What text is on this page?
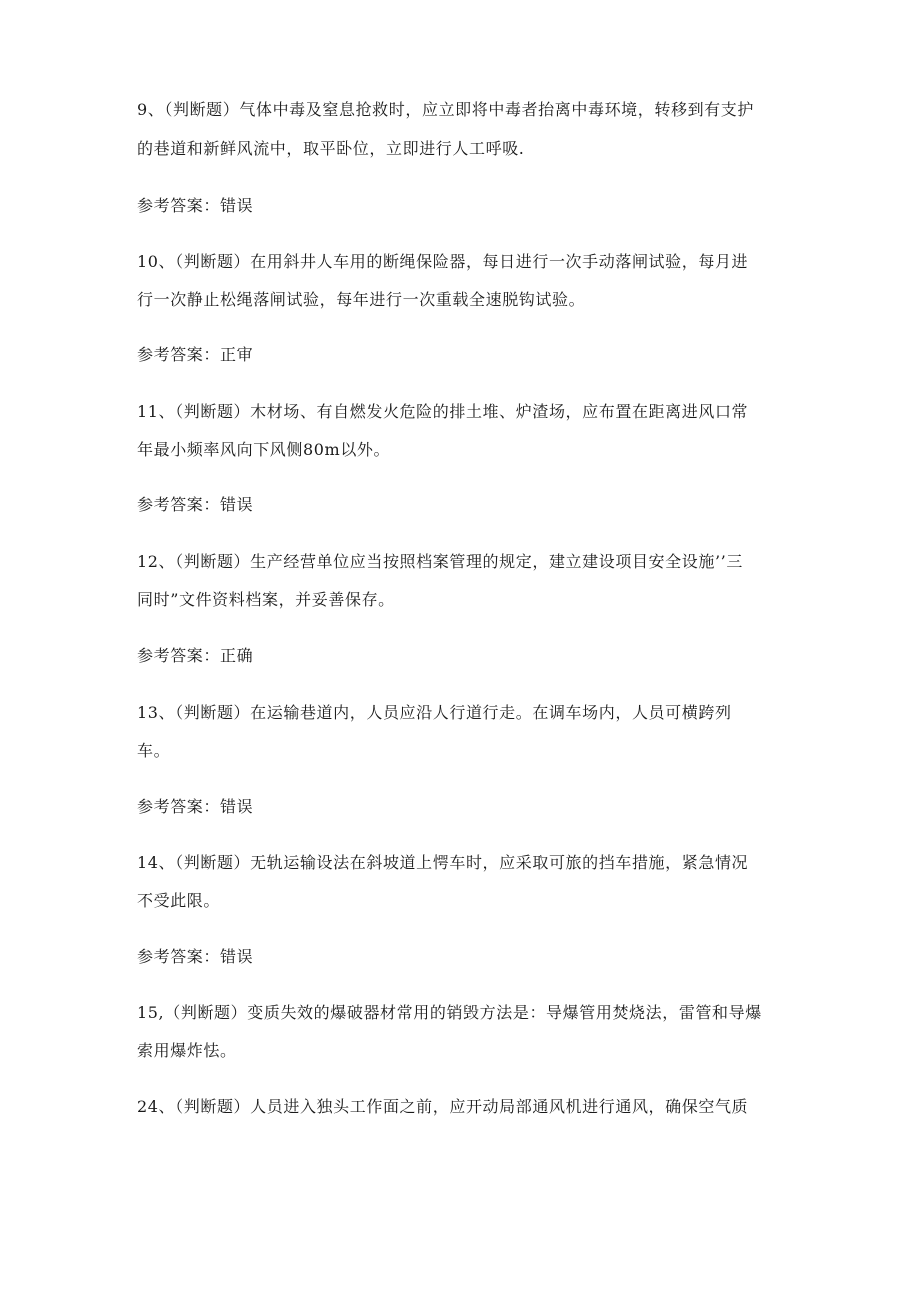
9、（判断题）气体中毒及窒息抢救时，应立即将中毒者抬离中毒环境，转移到有支护
的巷道和新鲜风流中，取平卧位，立即进行人工呼吸.
参考答案：错误
10、（判断题）在用斜井人车用的断绳保险器，每日进行一次手动落闸试验，每月进
行一次静止松绳落闸试验，每年进行一次重载全速脱钩试验。
参考答案：正审
11、（判断题）木材场、有自燃发火危险的排土堆、炉渣场，应布置在距离进风口常
年最小频率风向下风侧80m以外。
参考答案：错误
12、（判断题）生产经营单位应当按照档案管理的规定，建立建设项目安全设施’’三
同时”文件资料档案，并妥善保存。
参考答案：正确
13、（判断题）在运输巷道内，人员应沿人行道行走。在调车场内，人员可横跨列
车。
参考答案：错误
14、（判断题）无轨运输设法在斜坡道上愕车时，应采取可旅的挡车措施，紧急情况
不受此限。
参考答案：错误
15,（判断题）变质失效的爆破器材常用的销毁方法是：导爆管用焚烧法，雷管和导爆
索用爆炸怯。
24、（判断题）人员进入独头工作面之前，应开动局部通风机进行通风，确保空气质
